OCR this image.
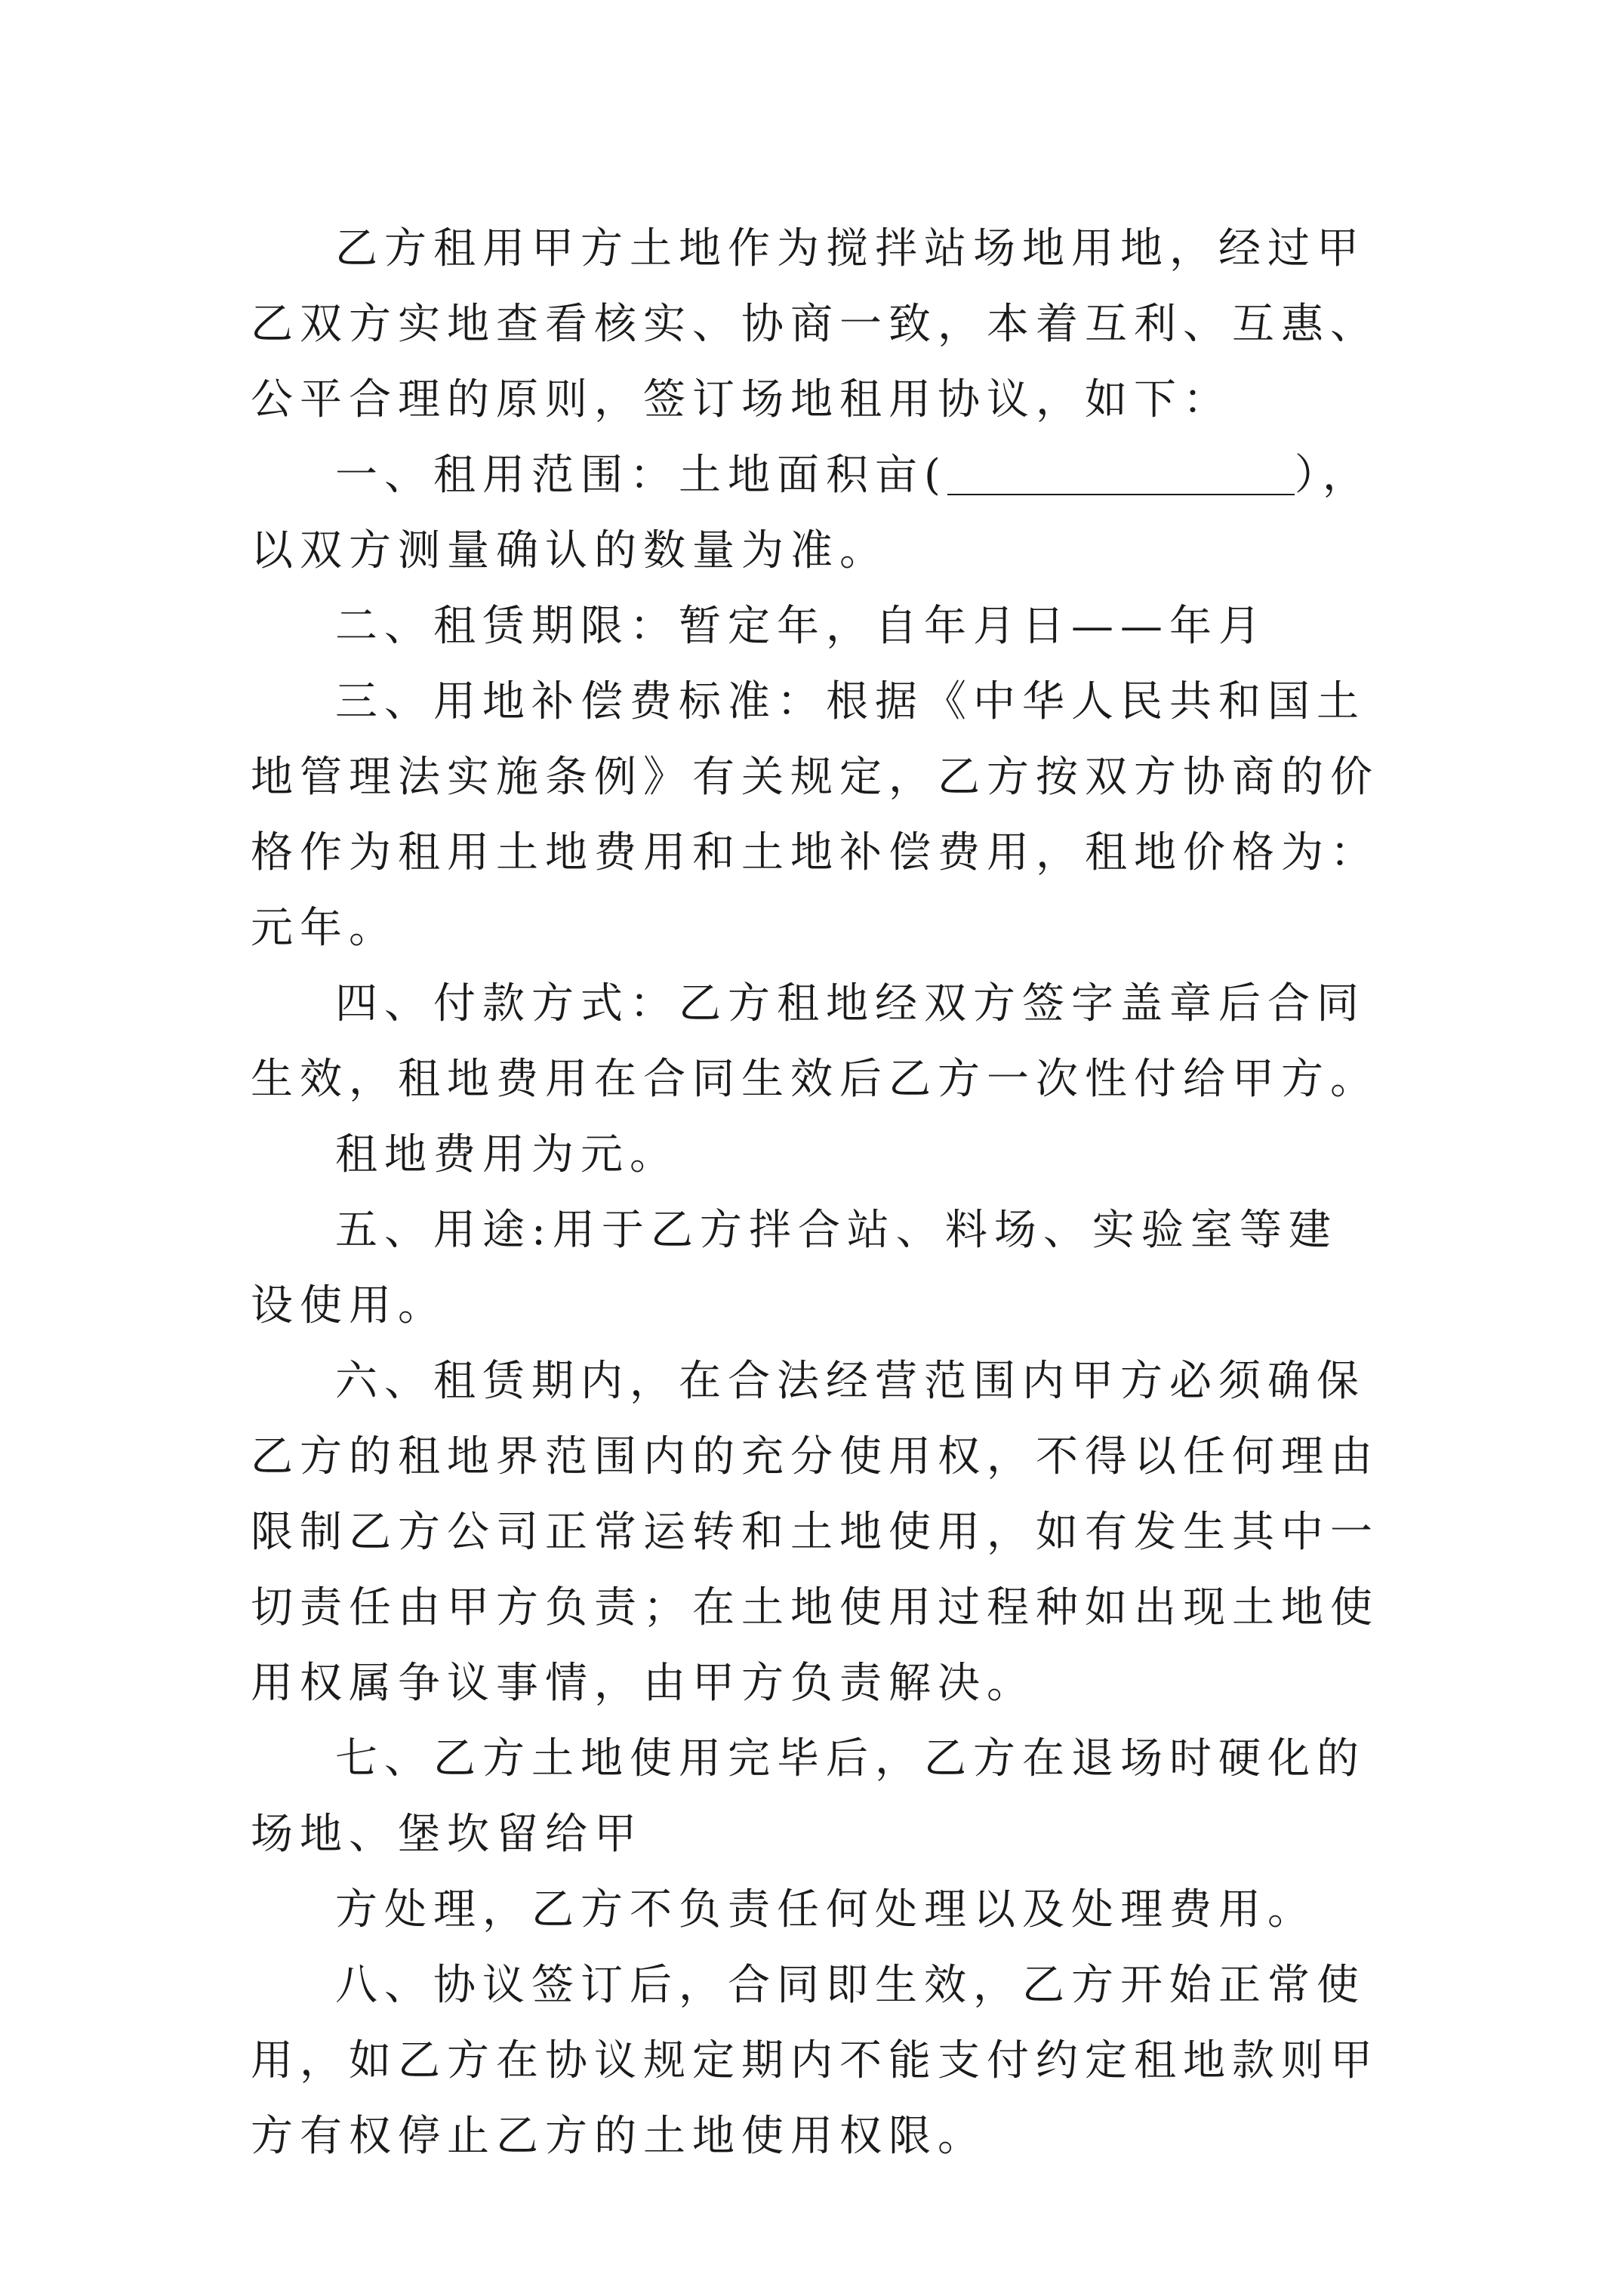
乙方租用甲方土地作为搅拌站场地用地，经过甲乙双方实地查看核实、协商一致，本着互利、互惠、公平合理的原则，签订场地租用协议，如下：

一、租用范围：土地面积亩(	），以双方测量确认的数量为准。

二、租赁期限：暂定年，自年月日——年月

三、用地补偿费标准：根据《中华人民共和国土地管理法实施条例》有关规定，乙方按双方协商的价格作为租用土地费用和土地补偿费用，租地价格为：元年。

四、付款方式：乙方租地经双方签字盖章后合同生效，租地费用在合同生效后乙方一次性付给甲方。

租地费用为元。

五、用途:用于乙方拌合站、料场、实验室等建设使用。

六、租赁期内，在合法经营范围内甲方必须确保乙方的租地界范围内的充分使用权，不得以任何理由限制乙方公司正常运转和土地使用，如有发生其中一切责任由甲方负责；在土地使用过程种如出现土地使用权属争议事情，由甲方负责解决。

七、乙方土地使用完毕后，乙方在退场时硬化的场地、堡坎留给甲

方处理，乙方不负责任何处理以及处理费用。

八、协议签订后，合同即生效，乙方开始正常使用，如乙方在协议规定期内不能支付约定租地款则甲方有权停止乙方的土地使用权限。
